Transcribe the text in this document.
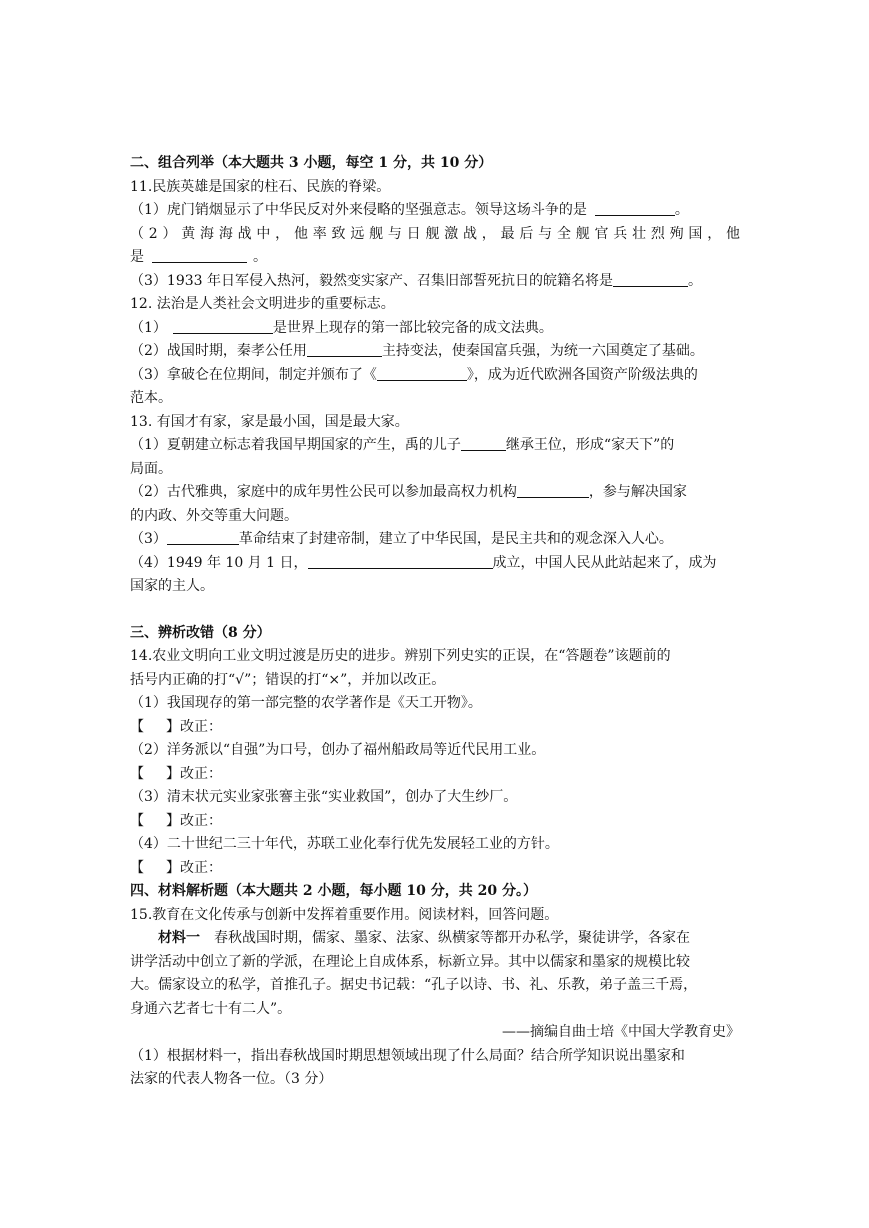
二、组合列举（本大题共 3 小题，每空 1 分，共 10 分）
11.民族英雄是国家的柱石、民族的脊梁。
（1）虎门销烟显示了中华民反对外来侵略的坚强意志。领导这场斗争的是	。
（2）黄海海战中，他率致远舰与日舰激战，最后与全舰官兵壮烈殉国，他
是	。
（3）1933 年日军侵入热河，毅然变实家产、召集旧部誓死抗日的皖籍名将是	。
12. 法治是人类社会文明进步的重要标志。
（1）	是世界上现存的第一部比较完备的成文法典。
（2）战国时期，秦孝公任用	主持变法，使秦国富兵强，为统一六国奠定了基础。
（3）拿破仑在位期间，制定并颁布了《	》，成为近代欧洲各国资产阶级法典的
范本。
13. 有国才有家，家是最小国，国是最大家。
（1）夏朝建立标志着我国早期国家的产生，禹的儿子	继承王位，形成“家天下”的
局面。
（2）古代雅典，家庭中的成年男性公民可以参加最高权力机构	，参与解决国家
的内政、外交等重大问题。
（3）	革命结束了封建帝制，建立了中华民国，是民主共和的观念深入人心。
（4）1949 年 10 月 1 日，	成立，中国人民从此站起来了，成为
国家的主人。
三、辨析改错（8 分）
14.农业文明向工业文明过渡是历史的进步。辨别下列史实的正误，在“答题卷”该题前的
括号内正确的打“√”；错误的打“×”，并加以改正。
（1）我国现存的第一部完整的农学著作是《天工开物》。
【 】改正：
（2）洋务派以“自强”为口号，创办了福州船政局等近代民用工业。
【 】改正：
（3）清末状元实业家张謇主张“实业救国”，创办了大生纱厂。
【 】改正：
（4）二十世纪二三十年代，苏联工业化奉行优先发展轻工业的方针。
【 】改正：
四、材料解析题（本大题共 2 小题，每小题 10 分，共 20 分。）
15.教育在文化传承与创新中发挥着重要作用。阅读材料，回答问题。
材料一 春秋战国时期，儒家、墨家、法家、纵横家等都开办私学，聚徒讲学，各家在
讲学活动中创立了新的学派，在理论上自成体系，标新立异。其中以儒家和墨家的规模比较
大。儒家设立的私学，首推孔子。据史书记载：“孔子以诗、书、礼、乐教，弟子盖三千焉，
身通六艺者七十有二人”。
——摘编自曲士培《中国大学教育史》
（1）根据材料一，指出春秋战国时期思想领域出现了什么局面？结合所学知识说出墨家和
法家的代表人物各一位。（3 分）
